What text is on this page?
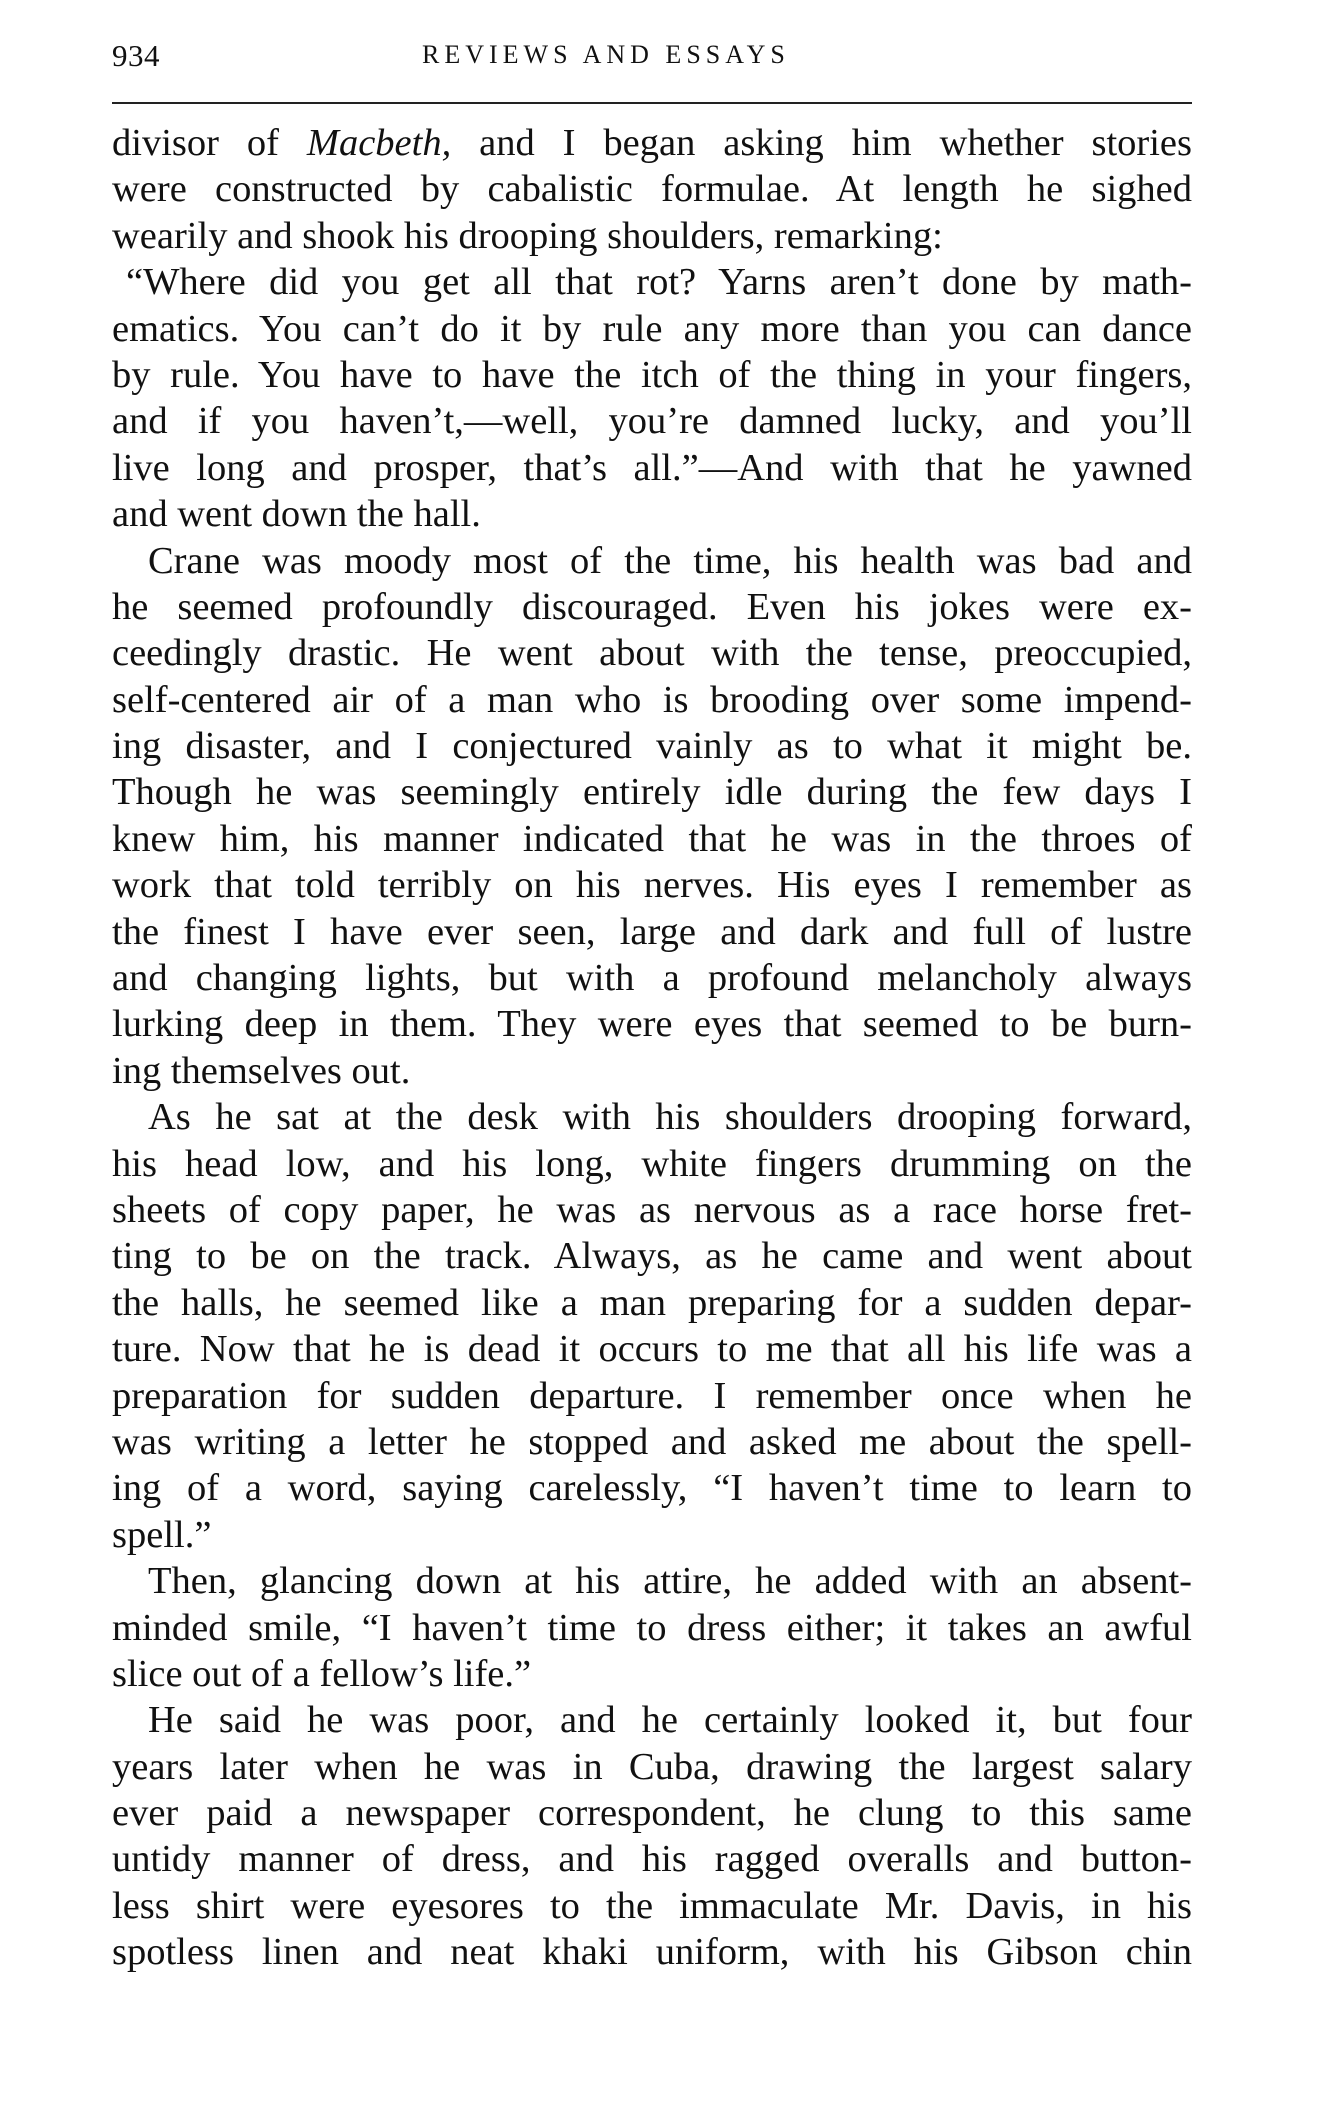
934	REVIEWS AND ESSAYS
divisor of Macbeth, and I began asking him whether stories
were constructed by cabalistic formulae. At length he sighed
wearily and shook his drooping shoulders, remarking:
“Where did you get all that rot? Yarns aren’t done by math-
ematics. You can’t do it by rule any more than you can dance
by rule. You have to have the itch of the thing in your fingers,
and if you haven’t,—well, you’re damned lucky, and you’ll
live long and prosper, that’s all.”—And with that he yawned
and went down the hall.
Crane was moody most of the time, his health was bad and
he seemed profoundly discouraged. Even his jokes were ex-
ceedingly drastic. He went about with the tense, preoccupied,
self-centered air of a man who is brooding over some impend-
ing disaster, and I conjectured vainly as to what it might be.
Though he was seemingly entirely idle during the few days I
knew him, his manner indicated that he was in the throes of
work that told terribly on his nerves. His eyes I remember as
the finest I have ever seen, large and dark and full of lustre
and changing lights, but with a profound melancholy always
lurking deep in them. They were eyes that seemed to be burn-
ing themselves out.
As he sat at the desk with his shoulders drooping forward,
his head low, and his long, white fingers drumming on the
sheets of copy paper, he was as nervous as a race horse fret-
ting to be on the track. Always, as he came and went about
the halls, he seemed like a man preparing for a sudden depar-
ture. Now that he is dead it occurs to me that all his life was a
preparation for sudden departure. I remember once when he
was writing a letter he stopped and asked me about the spell-
ing of a word, saying carelessly, “I haven’t time to learn to
spell.”
Then, glancing down at his attire, he added with an absent-
minded smile, “I haven’t time to dress either; it takes an awful
slice out of a fellow’s life.”
He said he was poor, and he certainly looked it, but four
years later when he was in Cuba, drawing the largest salary
ever paid a newspaper correspondent, he clung to this same
untidy manner of dress, and his ragged overalls and button-
less shirt were eyesores to the immaculate Mr. Davis, in his
spotless linen and neat khaki uniform, with his Gibson chin
